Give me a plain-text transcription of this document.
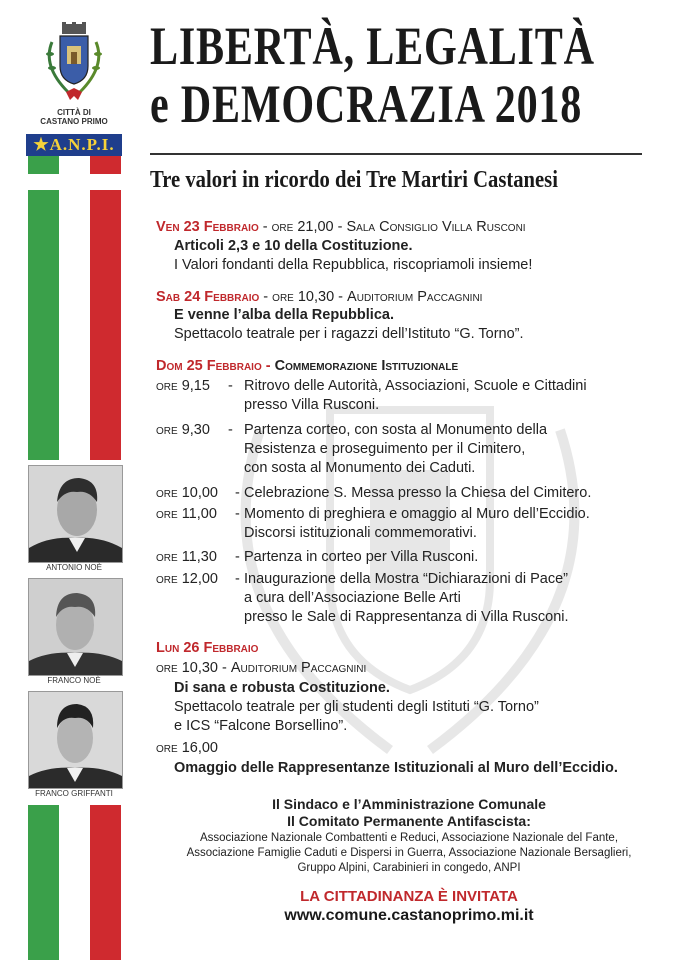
CITTÀ DI
CASTANO PRIMO
★A.N.P.I.
ANTONIO NOÈ
FRANCO NOÈ
FRANCO GRIFFANTI
LIBERTÀ, LEGALITÀ
e DEMOCRAZIA 2018
Tre valori in ricordo dei Tre Martiri Castanesi
Ven 23 Febbraio - ore 21,00 - Sala Consiglio Villa Rusconi
Articoli 2,3 e 10 della Costituzione.
I Valori fondanti della Repubblica, riscopriamoli insieme!
Sab 24 Febbraio - ore 10,30 - Auditorium Paccagnini
E venne l’alba della Repubblica.
Spettacolo teatrale per i ragazzi dell’Istituto “G. Torno”.
Dom 25 Febbraio - Commemorazione Istituzionale
ore 9,15 - Ritrovo delle Autorità, Associazioni, Scuole e Cittadini
presso Villa Rusconi.
ore 9,30 - Partenza corteo, con sosta al Monumento della
Resistenza e proseguimento per il Cimitero,
con sosta al Monumento dei Caduti.
ore 10,00 - Celebrazione S. Messa presso la Chiesa del Cimitero.
ore 11,00 - Momento di preghiera e omaggio al Muro dell’Eccidio.
Discorsi istituzionali commemorativi.
ore 11,30 - Partenza in corteo per Villa Rusconi.
ore 12,00 - Inaugurazione della Mostra “Dichiarazioni di Pace”
a cura dell’Associazione Belle Arti
presso le Sale di Rappresentanza di Villa Rusconi.
Lun 26 Febbraio
ore 10,30 - Auditorium Paccagnini
Di sana e robusta Costituzione.
Spettacolo teatrale per gli studenti degli Istituti “G. Torno”
e ICS “Falcone Borsellino”.
ore 16,00
Omaggio delle Rappresentanze Istituzionali al Muro dell’Eccidio.
Il Sindaco e l’Amministrazione Comunale
Il Comitato Permanente Antifascista:
Associazione Nazionale Combattenti e Reduci, Associazione Nazionale del Fante,
Associazione Famiglie Caduti e Dispersi in Guerra, Associazione Nazionale Bersaglieri,
Gruppo Alpini, Carabinieri in congedo, ANPI
LA CITTADINANZA È INVITATA
www.comune.castanoprimo.mi.it
